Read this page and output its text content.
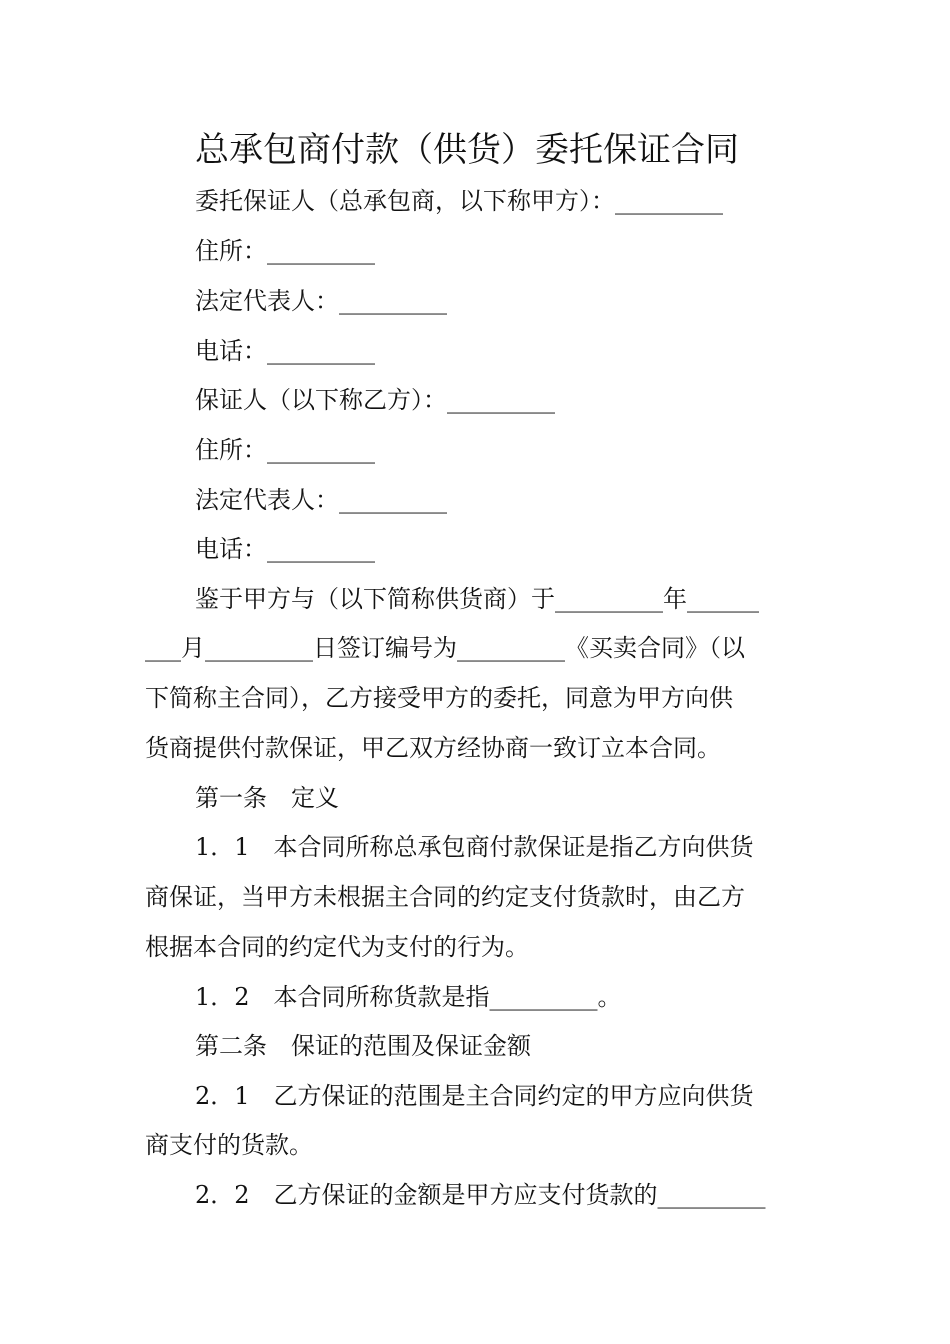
总承包商付款（供货）委托保证合同
委托保证人（总承包商，以下称甲方）：_________
住所：_________
法定代表人：_________
电话：_________
保证人（以下称乙方）：_________
住所：_________
法定代表人：_________
电话：_________
鉴于甲方与（以下简称供货商）于_________年______
___月_________日签订编号为_________《买卖合同》（以
下简称主合同），乙方接受甲方的委托，同意为甲方向供
货商提供付款保证，甲乙双方经协商一致订立本合同。
第一条　定义
1．1　本合同所称总承包商付款保证是指乙方向供货
商保证，当甲方未根据主合同的约定支付货款时，由乙方
根据本合同的约定代为支付的行为。
1．2　本合同所称货款是指_________。
第二条　保证的范围及保证金额
2．1　乙方保证的范围是主合同约定的甲方应向供货
商支付的货款。
2．2　乙方保证的金额是甲方应支付货款的_________
